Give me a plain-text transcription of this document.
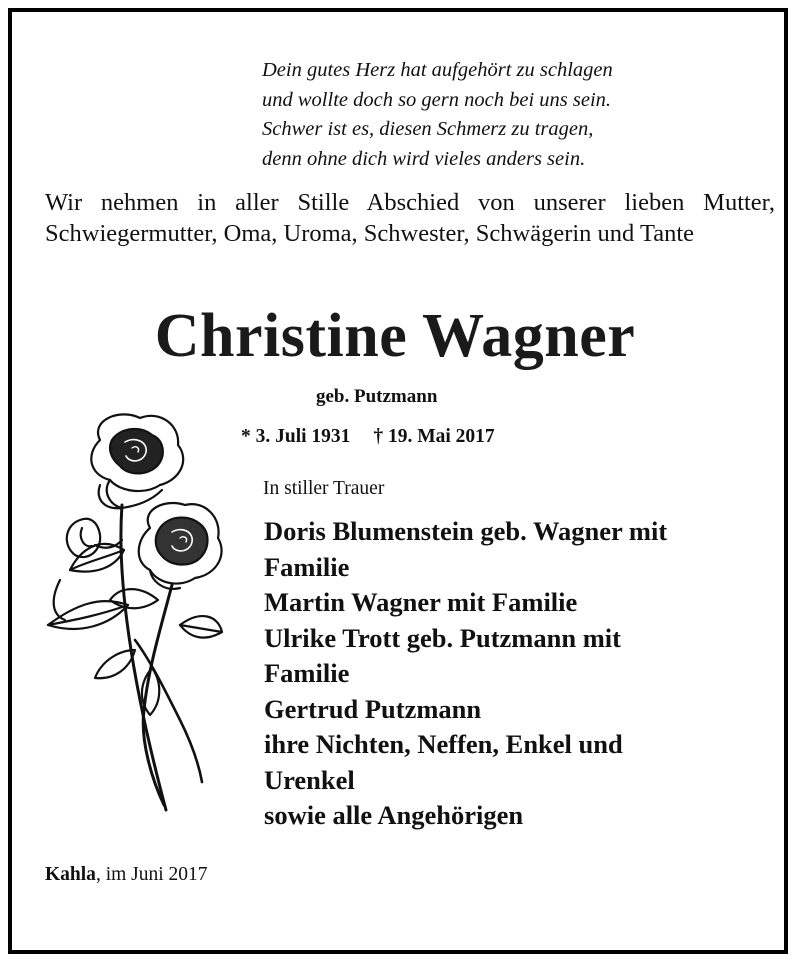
Dein gutes Herz hat aufgehört zu schlagen
und wollte doch so gern noch bei uns sein.
Schwer ist es, diesen Schmerz zu tragen,
denn ohne dich wird vieles anders sein.
Wir nehmen in aller Stille Abschied von unserer lieben Mutter, Schwiegermutter, Oma, Uroma, Schwester, Schwägerin und Tante
Christine Wagner
geb. Putzmann
* 3. Juli 1931 † 19. Mai 2017
In stiller Trauer
Doris Blumenstein geb. Wagner mit
Familie
Martin Wagner mit Familie
Ulrike Trott geb. Putzmann mit
Familie
Gertrud Putzmann
ihre Nichten, Neffen, Enkel und
Urenkel
sowie alle Angehörigen
Kahla, im Juni 2017
